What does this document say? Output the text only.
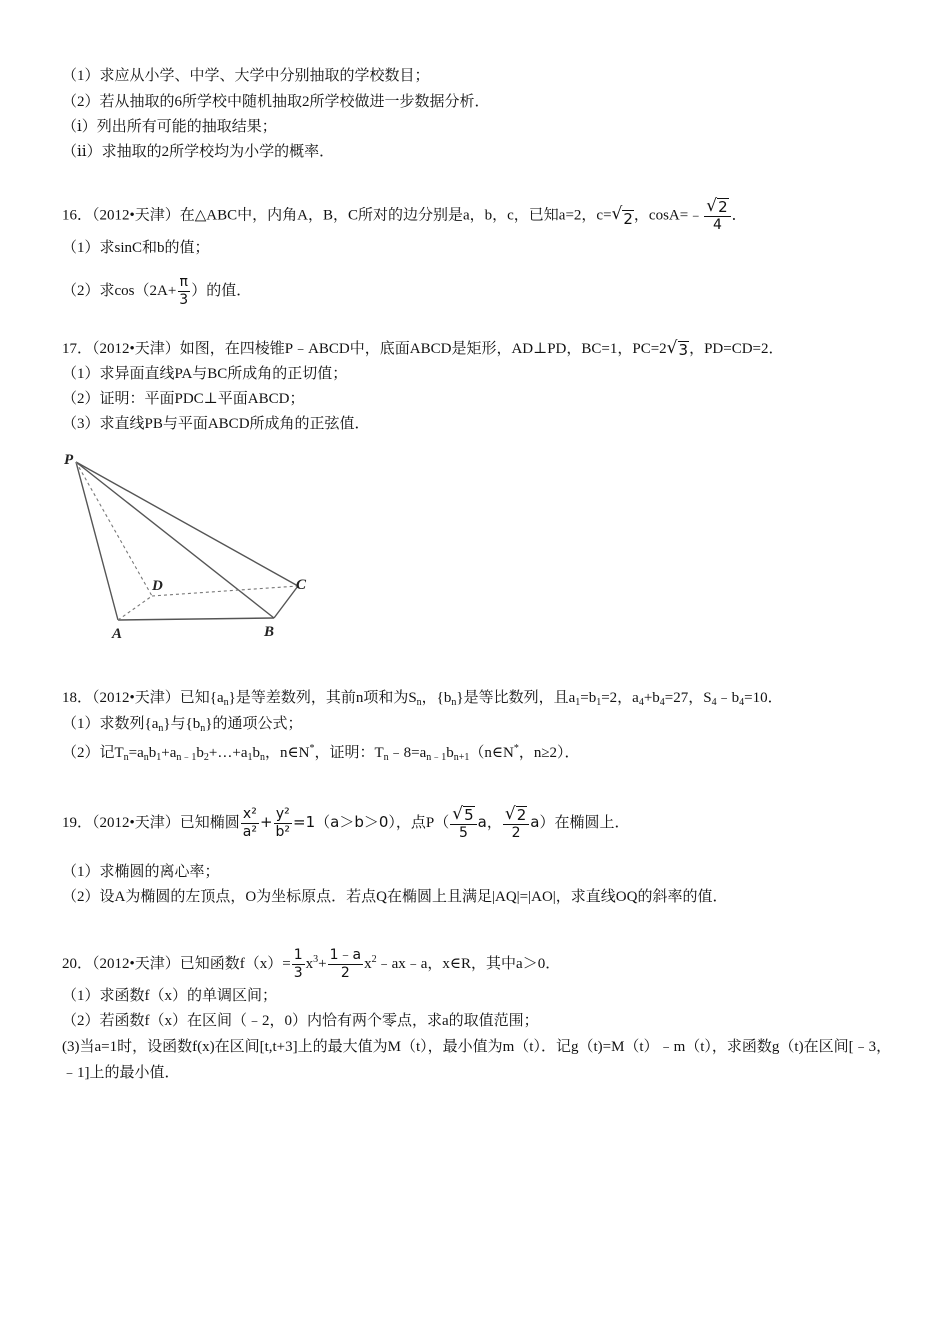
（1）求应从小学、中学、大学中分别抽取的学校数目；
（2）若从抽取的6所学校中随机抽取2所学校做进一步数据分析．
（ⅰ）列出所有可能的抽取结果；
（ⅱ）求抽取的2所学校均为小学的概率．
16．（2012•天津）在△ABC中，内角A，B，C所对的边分别是a，b，c，已知a=2，c= √ 2 ，cosA=﹣ $\frac{√ 2}{4}$ ．
（1）求sinC和b的值；
（2）求$\cos(2A+ \frac{\pi}{3}$ ）的值．
17．（2012•天津）如图，在四棱锥P﹣ABCD中，底面ABCD是矩形，AD⊥PD，BC=1，PC=2 √ 3 ，PD=CD=2．
（1）求异面直线PA与BC所成角的正切值；
（2）证明：平面PDC⊥平面ABCD；
（3）求直线PB与平面ABCD所成角的正弦值．
P
D	C
A	B
18．（2012•天津）已知$\{a_n\}$是等差数列，其前n项和为$S_n$，$\{b_n\}$是等比数列，且$a_1=b_1=2$，$a_4+b_4=27$，$S_4﹣b_4=10$．
（1）求数列$\{a_n\}$与$\{b_n\}$的通项公式；
（2）记$T_n=a_nb_1+a_{n﹣1}b_2+\dots+a_1b_n$，n∈N*，证明：$T_n﹣8=a_{n﹣1}b_{n+1}(n\in N^*$，n≥2）．
19．（2012•天津）已知椭圆 $\frac{\text{x²}}{\text{a²}} + \frac{\text{y²}}{\text{b²}} =1(a>b>0)$，点$P( \frac{√ 5}{5}$ a， $\frac{√ 2}{2} a$）在椭圆上．
（1）求椭圆的离心率；
（2）设A为椭圆的左顶点，O为坐标原点．若点Q在椭圆上且满足|AQ|=|AO|，求直线OQ的斜率的值．
20．（2012•天津）已知函数$f(x)= \frac{1}{3} x^3+ \frac{1﹣a}{2}$ $x^2﹣ax﹣a$，x∈R，其中a＞0．
（1）求函数f（x）的单调区间；
（2）若函数f（x）在区间（﹣2，0）内恰有两个零点，求a的取值范围；
(3)当a=1时，设函数f(x)在区间[t,t+3]上的最大值为M（t），最小值为m（t）．记g（t)=M（t）﹣m（t），求函数g（t)在区间[﹣3，﹣1]上的最小值．
